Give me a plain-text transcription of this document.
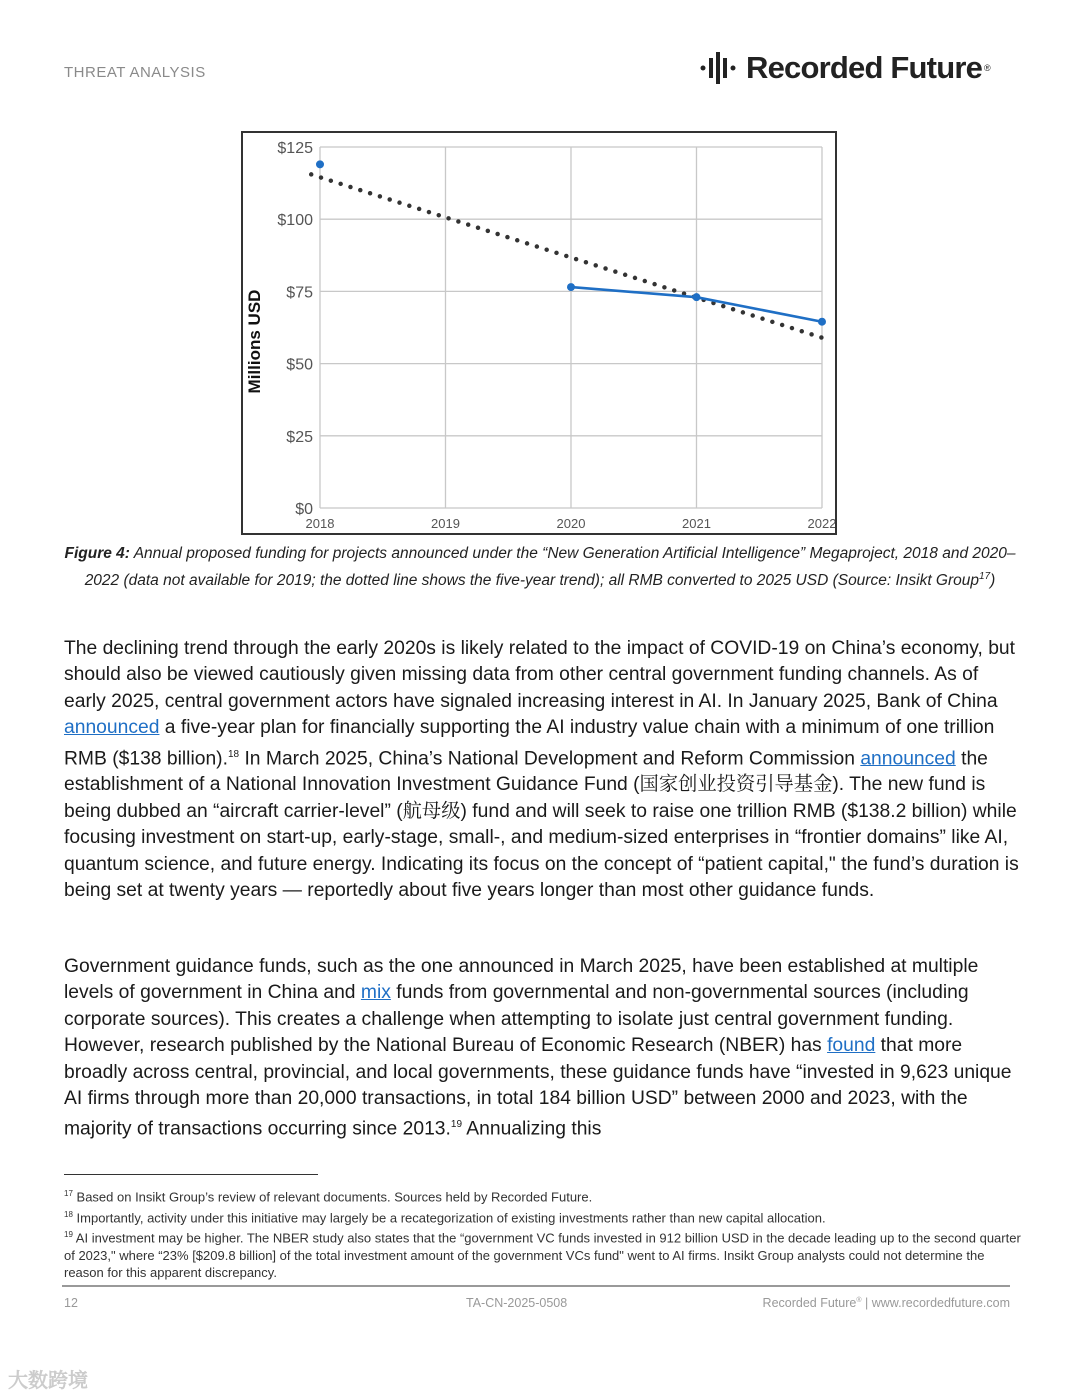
THREAT ANALYSIS	Recorded Future ®
$0
$25
$50
$75
$100
$125
2018	2019	2020	2021	2022
Millions USD
Figure 4: Annual proposed funding for projects announced under the “New Generation Artificial Intelligence” Megaproject, 2018 and 2020–2022 (data not available for 2019; the dotted line shows the five-year trend); all RMB converted to 2025 USD (Source: Insikt Group$^{17}$)
The declining trend through the early 2020s is likely related to the impact of COVID-19 on China’s economy, but should also be viewed cautiously given missing data from other central government funding channels. As of early 2025, central government actors have signaled increasing interest in AI. In January 2025, Bank of China announced a five-year plan for financially supporting the AI industry value chain with a minimum of one trillion RMB ($138 billion).$^{18}$ In March 2025, China’s National Development and Reform Commission announced the establishment of a National Innovation Investment Guidance Fund (国家创业投资引导基金). The new fund is being dubbed an “aircraft carrier-level” (航母级) fund and will seek to raise one trillion RMB ($138.2 billion) while focusing investment on start-up, early-stage, small-, and medium-sized enterprises in “frontier domains” like AI, quantum science, and future energy. Indicating its focus on the concept of “patient capital," the fund’s duration is being set at twenty years — reportedly about five years longer than most other guidance funds.
Government guidance funds, such as the one announced in March 2025, have been established at multiple levels of government in China and mix funds from governmental and non-governmental sources (including corporate sources). This creates a challenge when attempting to isolate just central government funding. However, research published by the National Bureau of Economic Research (NBER) has found that more broadly across central, provincial, and local governments, these guidance funds have “invested in 9,623 unique AI firms through more than 20,000 transactions, in total 184 billion USD” between 2000 and 2023, with the majority of transactions occurring since 2013.19 Annualizing this
$^{17}$ Based on Insikt Group’s review of relevant documents. Sources held by Recorded Future.
$^{18}$ Importantly, activity under this initiative may largely be a recategorization of existing investments rather than new capital allocation.
$^{19}$ AI investment may be higher. The NBER study also states that the “government VC funds invested in 912 billion USD in the decade leading up to the second quarter of 2023," where “23% [$209.8 billion] of the total investment amount of the government VCs fund" went to AI firms. Insikt Group analysts could not determine the reason for this apparent discrepancy.
12	TA-CN-2025-0508	Recorded Future® | www.recordedfuture.com
大数跨境
